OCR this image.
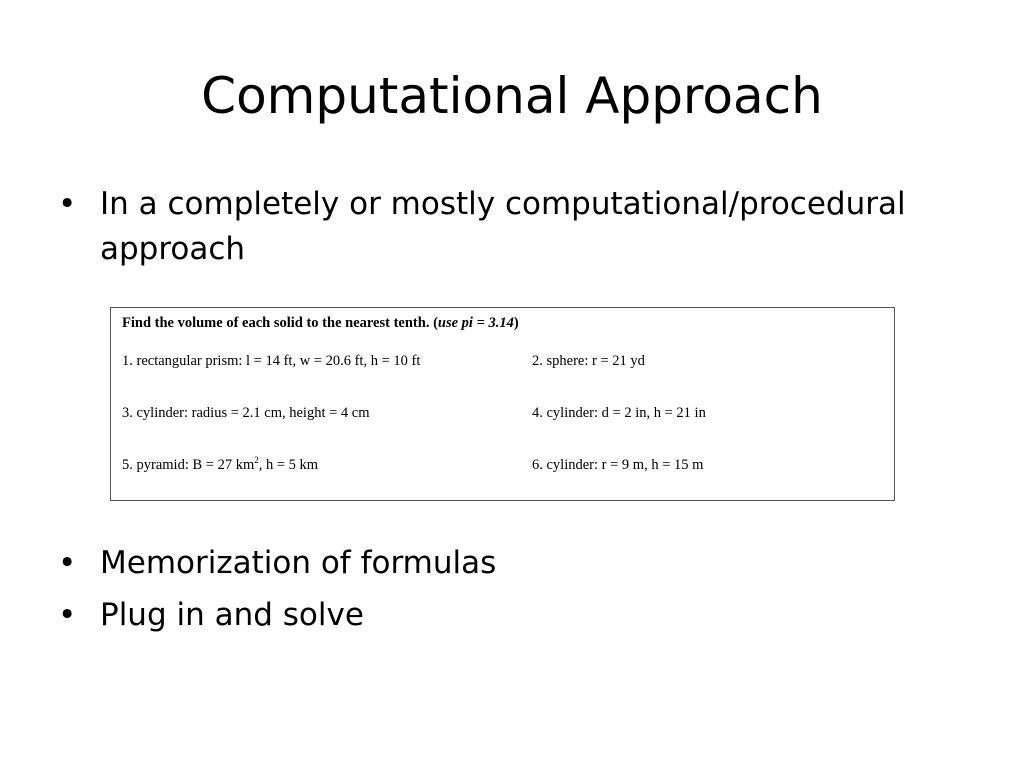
Computational Approach
• In a completely or mostly computational/procedural approach
Find the volume of each solid to the nearest tenth. (use pi = 3.14)
1. rectangular prism: l = 14 ft, w = 20.6 ft, h = 10 ft	2. sphere: r = 21 yd
3. cylinder: radius = 2.1 cm, height = 4 cm	4. cylinder: d = 2 in, h = 21 in
5. pyramid: B = 27 $km^2$, h = 5 km	6. cylinder: r = 9 m, h = 15 m
• Memorization of formulas
• Plug in and solve
